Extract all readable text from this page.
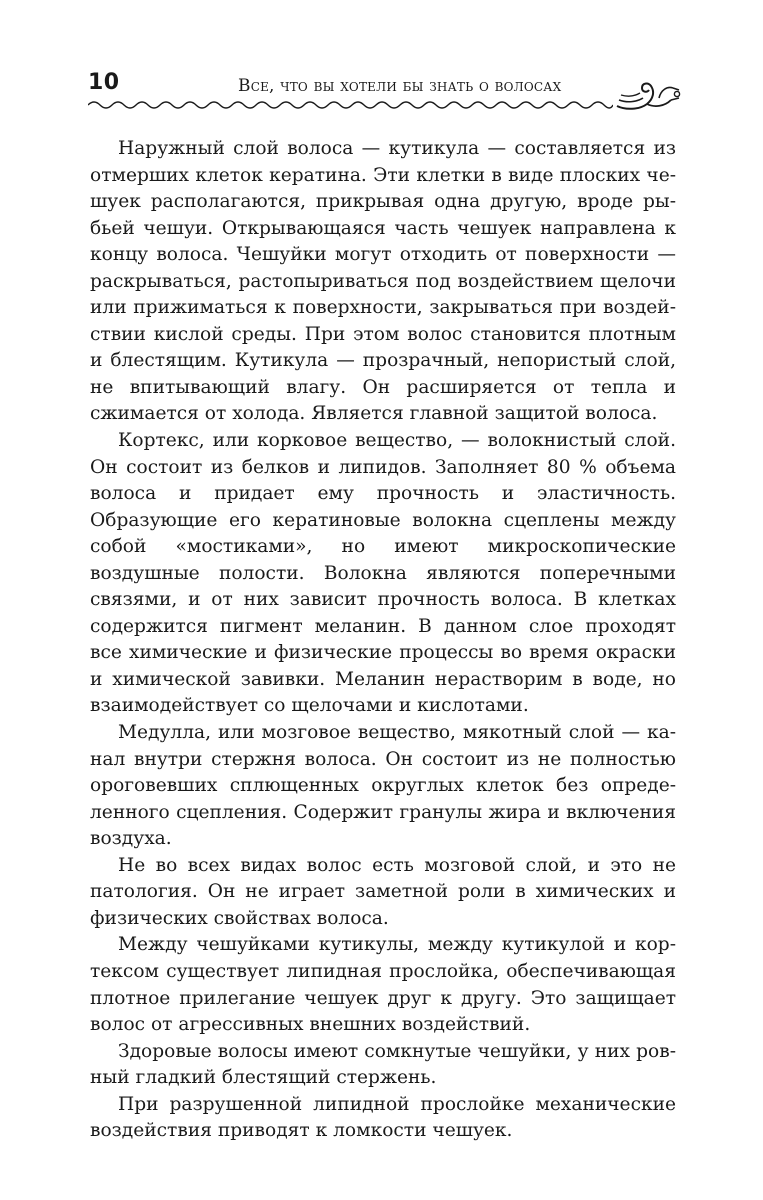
10	Все, что вы хотели бы знать о волосах

Наружный слой волоса — кутикула — составляется из отмерших клеток кератина. Эти клетки в виде плоских чешуек располагаются, прикрывая одна другую, вроде рыбьей чешуи. Открывающаяся часть чешуек направлена к концу волоса. Чешуйки могут отходить от поверхности — раскрываться, растопыриваться под воздействием щелочи или прижиматься к поверхности, закрываться при воздействии кислой среды. При этом волос становится плотным и блестящим. Кутикула — прозрачный, непористый слой, не впитывающий влагу. Он расширяется от тепла и сжимается от холода. Является главной защитой волоса.

Кортекс, или корковое вещество, — волокнистый слой. Он состоит из белков и липидов. Заполняет 80 % объема волоса и придает ему прочность и эластичность. Образующие его кератиновые волокна сцеплены между собой «мостиками», но имеют микроскопические воздушные полости. Волокна являются поперечными связями, и от них зависит прочность волоса. В клетках содержится пигмент меланин. В данном слое проходят все химические и физические процессы во время окраски и химической завивки. Меланин нерастворим в воде, но взаимодействует со щелочами и кислотами.

Медулла, или мозговое вещество, мякотный слой — канал внутри стержня волоса. Он состоит из не полностью ороговевших сплющенных округлых клеток без определенного сцепления. Содержит гранулы жира и включения воздуха.

Не во всех видах волос есть мозговой слой, и это не патология. Он не играет заметной роли в химических и физических свойствах волоса.

Между чешуйками кутикулы, между кутикулой и кортексом существует липидная прослойка, обеспечивающая плотное прилегание чешуек друг к другу. Это защищает волос от агрессивных внешних воздействий.

Здоровые волосы имеют сомкнутые чешуйки, у них ровный гладкий блестящий стержень.

При разрушенной липидной прослойке механические воздействия приводят к ломкости чешуек.
